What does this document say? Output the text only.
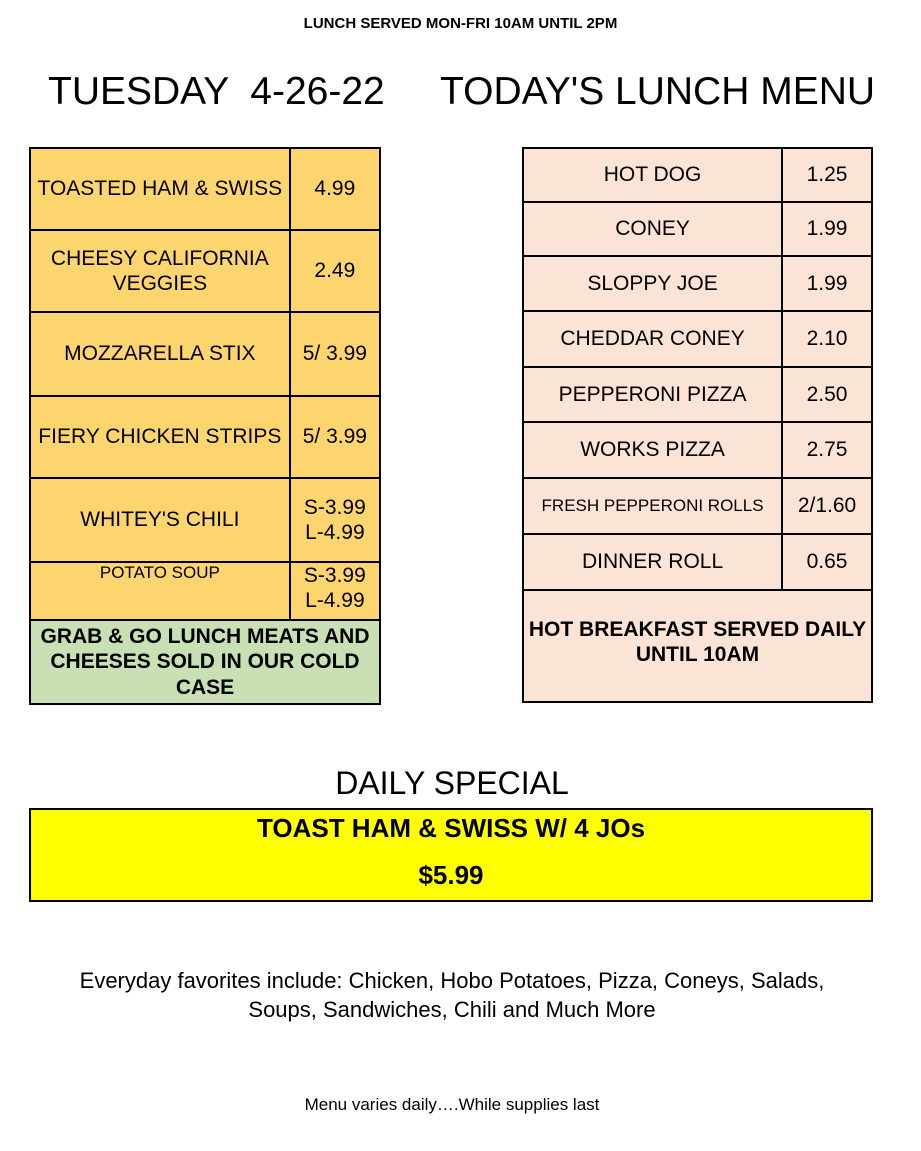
LUNCH SERVED MON-FRI 10AM UNTIL 2PM
TUESDAY  4-26-22 TODAY'S LUNCH MENU
TOASTED HAM & SWISS	4.99
CHEESY CALIFORNIA VEGGIES	2.49
MOZZARELLA STIX	5/ 3.99
FIERY CHICKEN STRIPS	5/ 3.99
WHITEY'S CHILI	S-3.99
L-4.99

POTATO SOUP	S-3.99
L-4.99

GRAB & GO LUNCH MEATS AND CHEESES SOLD IN OUR COLD CASE	
HOT DOG	1.25
CONEY	1.99
SLOPPY JOE	1.99
CHEDDAR CONEY	2.10
PEPPERONI PIZZA	2.50
WORKS PIZZA	2.75
FRESH PEPPERONI ROLLS	2/1.60
DINNER ROLL	0.65
HOT BREAKFAST SERVED DAILY UNTIL 10AM	
DAILY SPECIAL
TOAST HAM & SWISS W/ 4 JOs
$5.99
Everyday favorites include: Chicken, Hobo Potatoes, Pizza, Coneys, Salads, Soups, Sandwiches, Chili and Much More
Menu varies daily….While supplies last
